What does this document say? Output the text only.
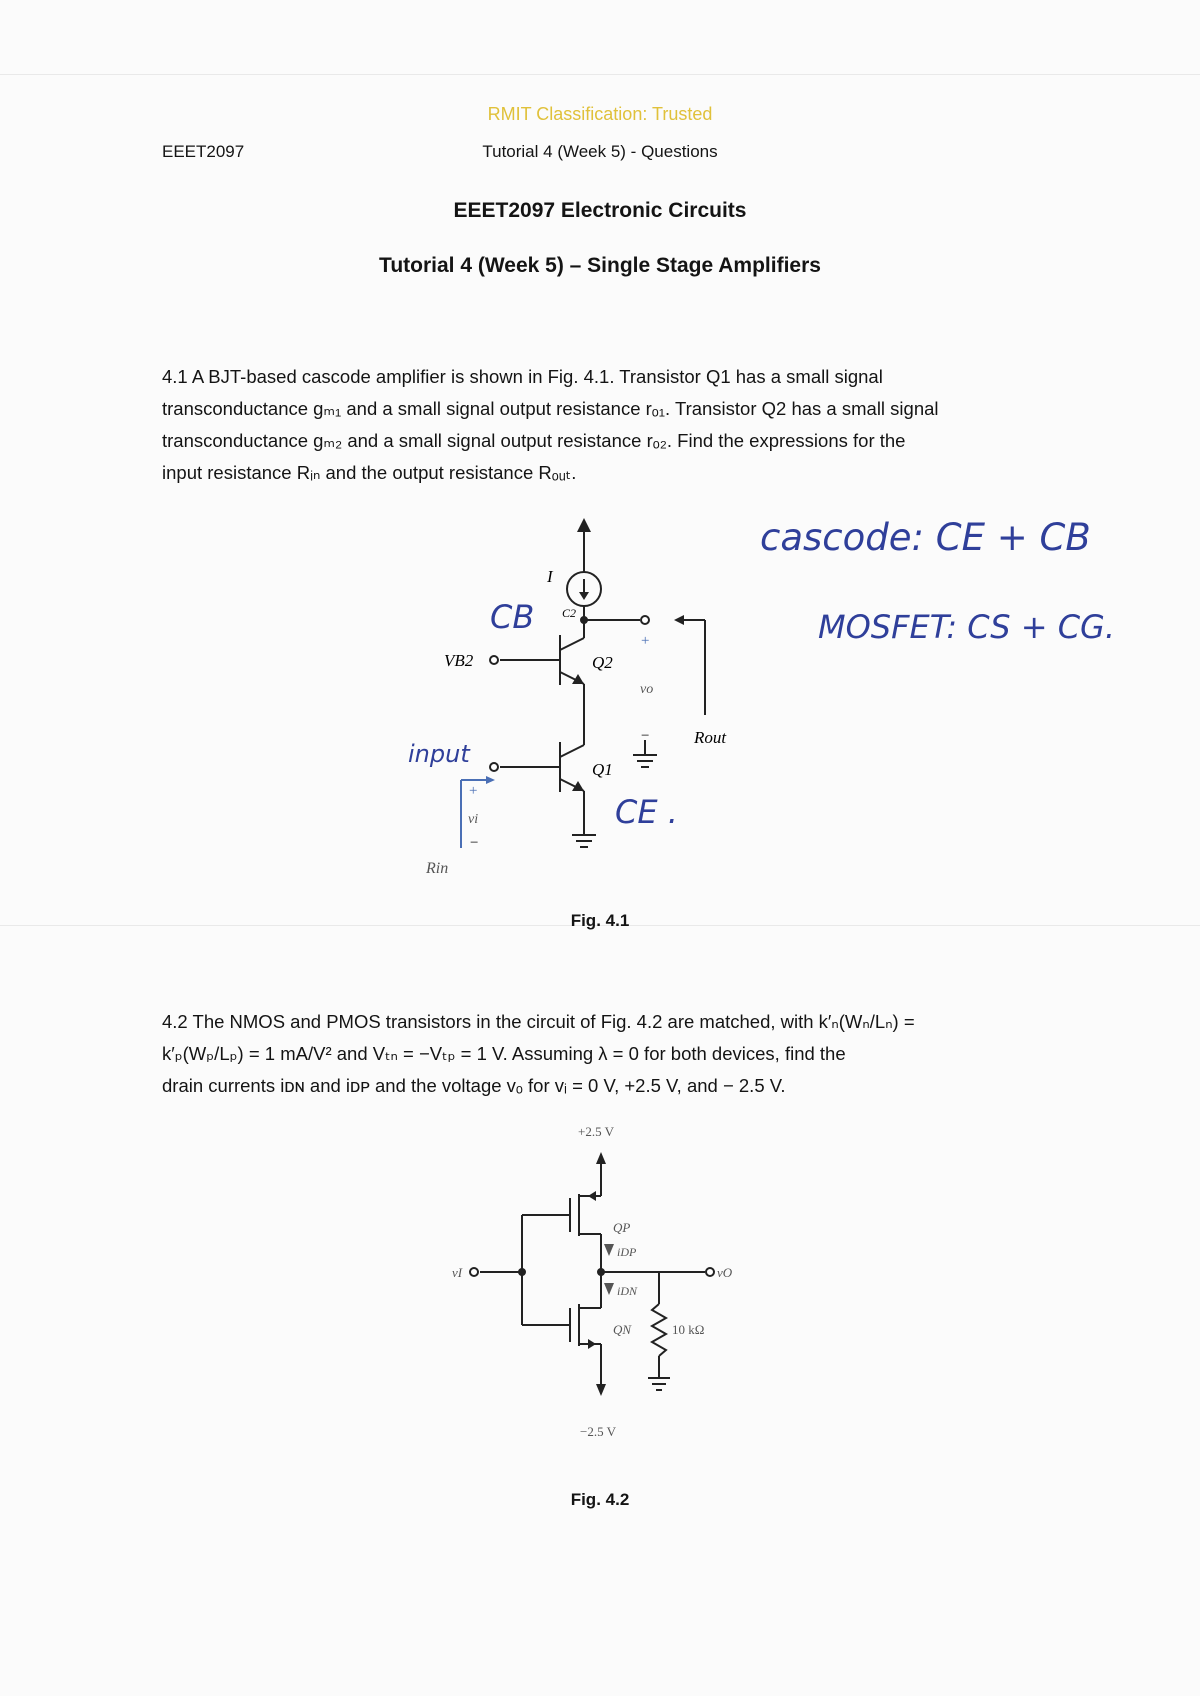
RMIT Classification: Trusted
EEET2097	Tutorial 4 (Week 5) - Questions
EEET2097 Electronic Circuits
Tutorial 4 (Week 5) – Single Stage Amplifiers
4.1 A BJT-based cascode amplifier is shown in Fig. 4.1. Transistor Q1 has a small signal
transconductance gₘ₁ and a small signal output resistance rₒ₁. Transistor Q2 has a small signal
transconductance gₘ₂ and a small signal output resistance rₒ₂. Find the expressions for the
input resistance Rᵢₙ and the output resistance Rₒᵤₜ.
I
C2
VB2	Q2
Q1
+
vo
−	Rout
+
vi
−
Rin
cascode: CE + CB
MOSFET: CS + CG.
CB
input
CE .
Fig. 4.1
4.2 The NMOS and PMOS transistors in the circuit of Fig. 4.2 are matched, with k′ₙ(Wₙ/Lₙ) =
k′ₚ(Wₚ/Lₚ) = 1 mA/V² and Vₜₙ = −Vₜₚ = 1 V. Assuming λ = 0 for both devices, find the
drain currents iᴅɴ and iᴅᴘ and the voltage vₒ for vᵢ = 0 V, +2.5 V, and − 2.5 V.
+2.5 V
−2.5 V
QP
QN
iDP
iDN
vI	vO
10 kΩ
Fig. 4.2
